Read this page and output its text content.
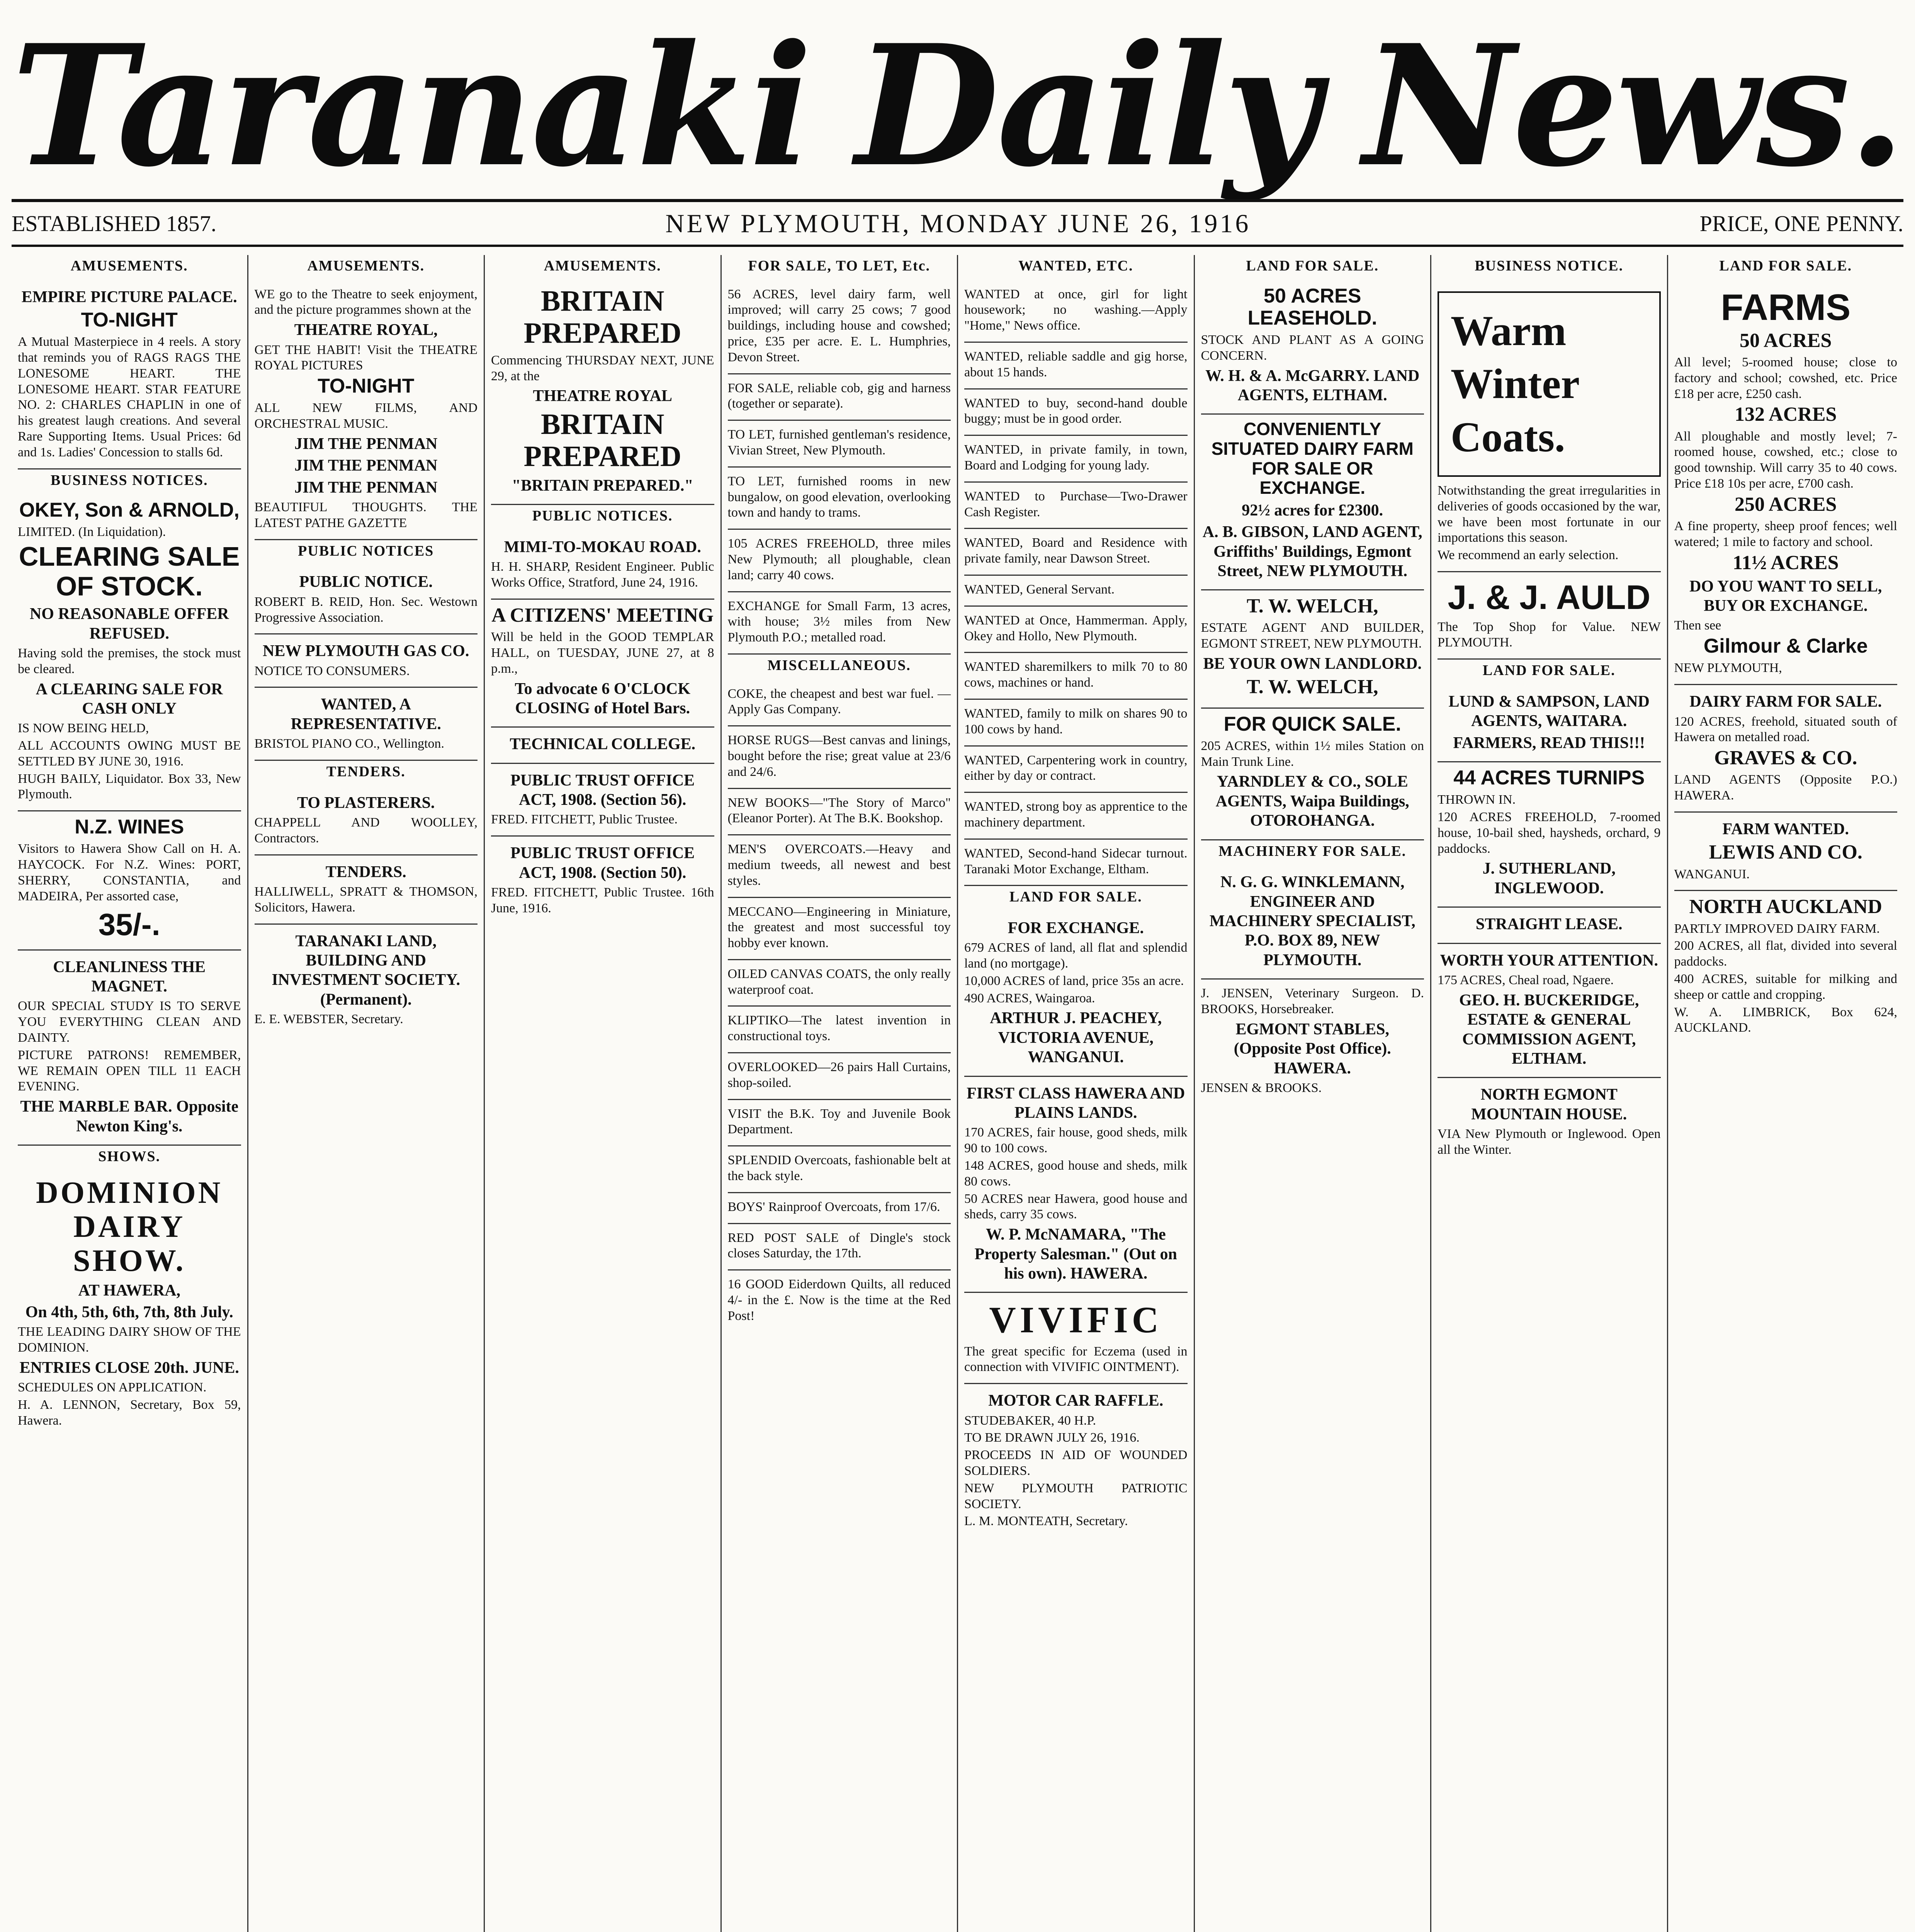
Taranaki Daily News.
ESTABLISHED 1857.	NEW PLYMOUTH, MONDAY JUNE 26, 1916	PRICE, ONE PENNY.
AMUSEMENTS.
EMPIRE PICTURE PALACE.
TO-NIGHT

A Mutual Masterpiece in 4 reels. A story that reminds you of RAGS RAGS THE LONESOME HEART. THE LONESOME HEART. STAR FEATURE NO. 2: CHARLES CHAPLIN in one of his greatest laugh creations. And several Rare Supporting Items. Usual Prices: 6d and 1s. Ladies' Concession to stalls 6d.

BUSINESS NOTICES.
OKEY, Son & ARNOLD,

LIMITED. (In Liquidation).

CLEARING SALE OF STOCK.
NO REASONABLE OFFER REFUSED.

Having sold the premises, the stock must be cleared.

A CLEARING SALE FOR CASH ONLY

IS NOW BEING HELD,

ALL ACCOUNTS OWING MUST BE SETTLED BY JUNE 30, 1916.

HUGH BAILY, Liquidator. Box 33, New Plymouth.

N.Z. WINES

Visitors to Hawera Show Call on H. A. HAYCOCK. For N.Z. Wines: PORT, SHERRY, CONSTANTIA, and MADEIRA, Per assorted case,

35/-.
CLEANLINESS THE MAGNET.

OUR SPECIAL STUDY IS TO SERVE YOU EVERYTHING CLEAN AND DAINTY.

PICTURE PATRONS! REMEMBER, WE REMAIN OPEN TILL 11 EACH EVENING.

THE MARBLE BAR. Opposite Newton King's.
SHOWS.
DOMINION DAIRY SHOW.
AT HAWERA,
On 4th, 5th, 6th, 7th, 8th July.

THE LEADING DAIRY SHOW OF THE DOMINION.

ENTRIES CLOSE 20th. JUNE.

SCHEDULES ON APPLICATION.

H. A. LENNON, Secretary, Box 59, Hawera.

AMUSEMENTS.

WE go to the Theatre to seek enjoyment, and the picture programmes shown at the

THEATRE ROYAL,

GET THE HABIT! Visit the THEATRE ROYAL PICTURES

TO-NIGHT

ALL NEW FILMS, AND ORCHESTRAL MUSIC.

JIM THE PENMAN
JIM THE PENMAN
JIM THE PENMAN

BEAUTIFUL THOUGHTS. THE LATEST PATHE GAZETTE

PUBLIC NOTICES
PUBLIC NOTICE.

ROBERT B. REID, Hon. Sec. Westown Progressive Association.

NEW PLYMOUTH GAS CO.

NOTICE TO CONSUMERS.

WANTED, A REPRESENTATIVE.

BRISTOL PIANO CO., Wellington.

TENDERS.
TO PLASTERERS.

CHAPPELL AND WOOLLEY, Contractors.

TENDERS.

HALLIWELL, SPRATT & THOMSON, Solicitors, Hawera.

TARANAKI LAND, BUILDING AND INVESTMENT SOCIETY. (Permanent).

E. E. WEBSTER, Secretary.

AMUSEMENTS.
BRITAIN PREPARED

Commencing THURSDAY NEXT, JUNE 29, at the

THEATRE ROYAL
BRITAIN PREPARED
"BRITAIN PREPARED."
PUBLIC NOTICES.
MIMI-TO-MOKAU ROAD.

H. H. SHARP, Resident Engineer. Public Works Office, Stratford, June 24, 1916.

A CITIZENS' MEETING

Will be held in the GOOD TEMPLAR HALL, on TUESDAY, JUNE 27, at 8 p.m.,

To advocate 6 O'CLOCK CLOSING of Hotel Bars.
TECHNICAL COLLEGE.
PUBLIC TRUST OFFICE ACT, 1908. (Section 56).

FRED. FITCHETT, Public Trustee.

PUBLIC TRUST OFFICE ACT, 1908. (Section 50).

FRED. FITCHETT, Public Trustee. 16th June, 1916.

FOR SALE, TO LET, Etc.

56 ACRES, level dairy farm, well improved; will carry 25 cows; 7 good buildings, including house and cowshed; price, £35 per acre. E. L. Humphries, Devon Street.

FOR SALE, reliable cob, gig and harness (together or separate).

TO LET, furnished gentleman's residence, Vivian Street, New Plymouth.

TO LET, furnished rooms in new bungalow, on good elevation, overlooking town and handy to trams.

105 ACRES FREEHOLD, three miles New Plymouth; all ploughable, clean land; carry 40 cows.

EXCHANGE for Small Farm, 13 acres, with house; 3½ miles from New Plymouth P.O.; metalled road.

MISCELLANEOUS.

COKE, the cheapest and best war fuel. — Apply Gas Company.

HORSE RUGS—Best canvas and linings, bought before the rise; great value at 23/6 and 24/6.

NEW BOOKS—"The Story of Marco" (Eleanor Porter). At The B.K. Bookshop.

MEN'S OVERCOATS.—Heavy and medium tweeds, all newest and best styles.

MECCANO—Engineering in Miniature, the greatest and most successful toy hobby ever known.

OILED CANVAS COATS, the only really waterproof coat.

KLIPTIKO—The latest invention in constructional toys.

OVERLOOKED—26 pairs Hall Curtains, shop-soiled.

VISIT the B.K. Toy and Juvenile Book Department.

SPLENDID Overcoats, fashionable belt at the back style.

BOYS' Rainproof Overcoats, from 17/6.

RED POST SALE of Dingle's stock closes Saturday, the 17th.

16 GOOD Eiderdown Quilts, all reduced 4/- in the £. Now is the time at the Red Post!

WANTED, ETC.

WANTED at once, girl for light housework; no washing.—Apply "Home," News office.

WANTED, reliable saddle and gig horse, about 15 hands.

WANTED to buy, second-hand double buggy; must be in good order.

WANTED, in private family, in town, Board and Lodging for young lady.

WANTED to Purchase—Two-Drawer Cash Register.

WANTED, Board and Residence with private family, near Dawson Street.

WANTED, General Servant.

WANTED at Once, Hammerman. Apply, Okey and Hollo, New Plymouth.

WANTED sharemilkers to milk 70 to 80 cows, machines or hand.

WANTED, family to milk on shares 90 to 100 cows by hand.

WANTED, Carpentering work in country, either by day or contract.

WANTED, strong boy as apprentice to the machinery department.

WANTED, Second-hand Sidecar turnout. Taranaki Motor Exchange, Eltham.

LAND FOR SALE.
FOR EXCHANGE.

679 ACRES of land, all flat and splendid land (no mortgage).

10,000 ACRES of land, price 35s an acre.

490 ACRES, Waingaroa.

ARTHUR J. PEACHEY, VICTORIA AVENUE, WANGANUI.
FIRST CLASS HAWERA AND PLAINS LANDS.

170 ACRES, fair house, good sheds, milk 90 to 100 cows.

148 ACRES, good house and sheds, milk 80 cows.

50 ACRES near Hawera, good house and sheds, carry 35 cows.

W. P. McNAMARA, "The Property Salesman." (Out on his own). HAWERA.
VIVIFIC

The great specific for Eczema (used in connection with VIVIFIC OINTMENT).

MOTOR CAR RAFFLE.

STUDEBAKER, 40 H.P.

TO BE DRAWN JULY 26, 1916.

PROCEEDS IN AID OF WOUNDED SOLDIERS.

NEW PLYMOUTH PATRIOTIC SOCIETY.

L. M. MONTEATH, Secretary.

LAND FOR SALE.
50 ACRES LEASEHOLD.

STOCK AND PLANT AS A GOING CONCERN.

W. H. & A. McGARRY. LAND AGENTS, ELTHAM.
CONVENIENTLY SITUATED DAIRY FARM FOR SALE OR EXCHANGE.
92½ acres for £2300.
A. B. GIBSON, LAND AGENT, Griffiths' Buildings, Egmont Street, NEW PLYMOUTH.
T. W. WELCH,

ESTATE AGENT AND BUILDER, EGMONT STREET, NEW PLYMOUTH.

BE YOUR OWN LANDLORD.
T. W. WELCH,
FOR QUICK SALE.

205 ACRES, within 1½ miles Station on Main Trunk Line.

YARNDLEY & CO., SOLE AGENTS, Waipa Buildings, OTOROHANGA.
MACHINERY FOR SALE.
N. G. G. WINKLEMANN, ENGINEER AND MACHINERY SPECIALIST, P.O. BOX 89, NEW PLYMOUTH.

J. JENSEN, Veterinary Surgeon. D. BROOKS, Horsebreaker.

EGMONT STABLES, (Opposite Post Office). HAWERA.

JENSEN & BROOKS.

BUSINESS NOTICE.
Warm Winter Coats.

Notwithstanding the great irregularities in deliveries of goods occasioned by the war, we have been most fortunate in our importations this season.

We recommend an early selection.

J. & J. AULD

The Top Shop for Value. NEW PLYMOUTH.

LAND FOR SALE.
LUND & SAMPSON, LAND AGENTS, WAITARA.
FARMERS, READ THIS!!!
44 ACRES TURNIPS

THROWN IN.

120 ACRES FREEHOLD, 7-roomed house, 10-bail shed, haysheds, orchard, 9 paddocks.

J. SUTHERLAND, INGLEWOOD.
STRAIGHT LEASE.
WORTH YOUR ATTENTION.

175 ACRES, Cheal road, Ngaere.

GEO. H. BUCKERIDGE, ESTATE & GENERAL COMMISSION AGENT, ELTHAM.
NORTH EGMONT MOUNTAIN HOUSE.

VIA New Plymouth or Inglewood. Open all the Winter.

LAND FOR SALE.
FARMS
50 ACRES

All level; 5-roomed house; close to factory and school; cowshed, etc. Price £18 per acre, £250 cash.

132 ACRES

All ploughable and mostly level; 7-roomed house, cowshed, etc.; close to good township. Will carry 35 to 40 cows. Price £18 10s per acre, £700 cash.

250 ACRES

A fine property, sheep proof fences; well watered; 1 mile to factory and school.

11½ ACRES
DO YOU WANT TO SELL, BUY OR EXCHANGE.

Then see

Gilmour & Clarke

NEW PLYMOUTH,

DAIRY FARM FOR SALE.

120 ACRES, freehold, situated south of Hawera on metalled road.

GRAVES & CO.

LAND AGENTS (Opposite P.O.) HAWERA.

FARM WANTED.
LEWIS AND CO.

WANGANUI.

NORTH AUCKLAND

PARTLY IMPROVED DAIRY FARM.

200 ACRES, all flat, divided into several paddocks.

400 ACRES, suitable for milking and sheep or cattle and cropping.

W. A. LIMBRICK, Box 624, AUCKLAND.
